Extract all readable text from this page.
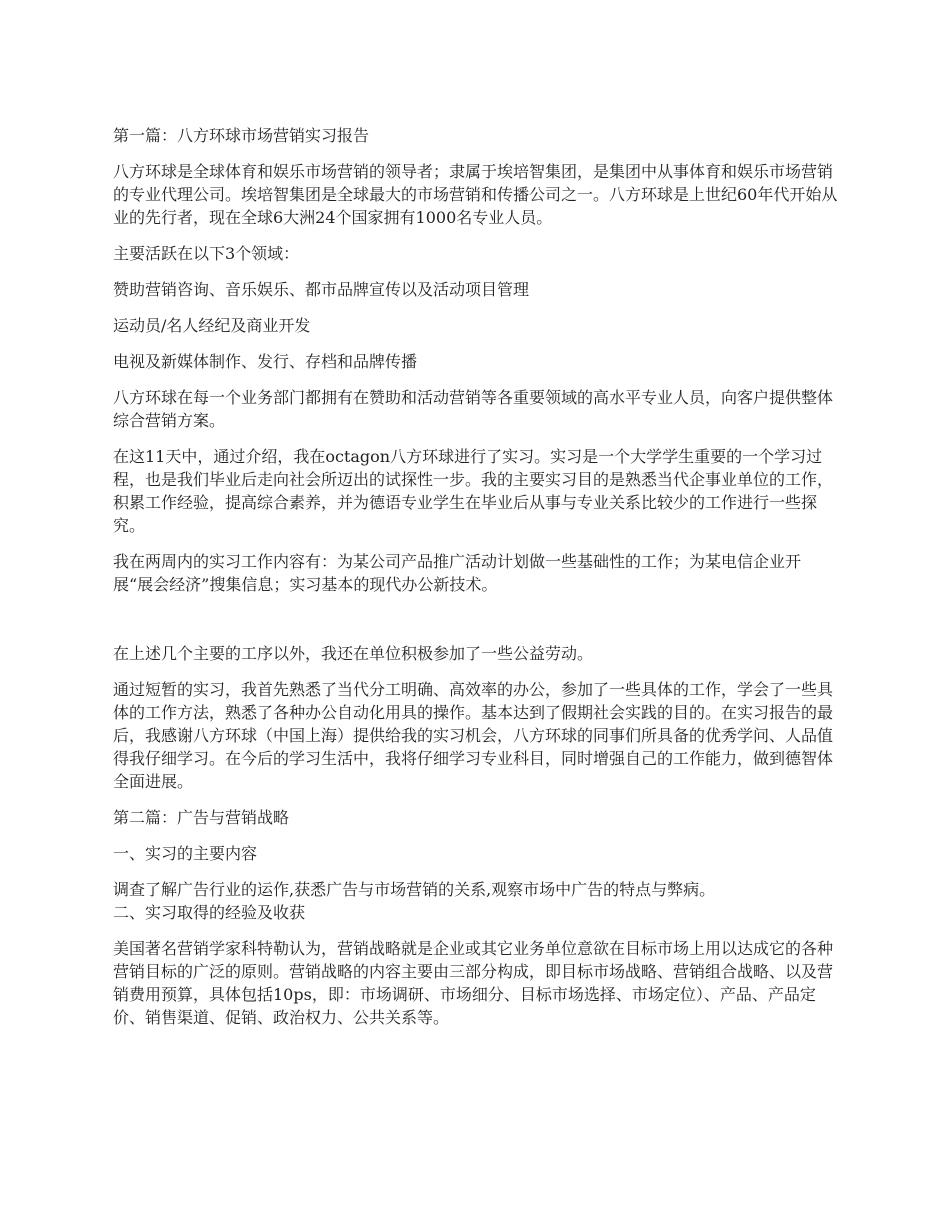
第一篇：八方环球市场营销实习报告

八方环球是全球体育和娱乐市场营销的领导者；隶属于埃培智集团，是集团中从事体育和娱乐市场营销的专业代理公司。埃培智集团是全球最大的市场营销和传播公司之一。八方环球是上世纪60年代开始从业的先行者，现在全球6大洲24个国家拥有1000名专业人员。

主要活跃在以下3个领域：

赞助营销咨询、音乐娱乐、都市品牌宣传以及活动项目管理

运动员/名人经纪及商业开发

电视及新媒体制作、发行、存档和品牌传播

八方环球在每一个业务部门都拥有在赞助和活动营销等各重要领域的高水平专业人员，向客户提供整体综合营销方案。

在这11天中，通过介绍，我在octagon八方环球进行了实习。实习是一个大学学生重要的一个学习过程，也是我们毕业后走向社会所迈出的试探性一步。我的主要实习目的是熟悉当代企事业单位的工作，积累工作经验，提高综合素养，并为德语专业学生在毕业后从事与专业关系比较少的工作进行一些探究。

我在两周内的实习工作内容有：为某公司产品推广活动计划做一些基础性的工作；为某电信企业开展“展会经济”搜集信息；实习基本的现代办公新技术。

在上述几个主要的工序以外，我还在单位积极参加了一些公益劳动。

通过短暂的实习，我首先熟悉了当代分工明确、高效率的办公，参加了一些具体的工作，学会了一些具体的工作方法，熟悉了各种办公自动化用具的操作。基本达到了假期社会实践的目的。在实习报告的最后，我感谢八方环球（中国上海）提供给我的实习机会，八方环球的同事们所具备的优秀学问、人品值得我仔细学习。在今后的学习生活中，我将仔细学习专业科目，同时增强自己的工作能力，做到德智体全面进展。

第二篇：广告与营销战略

一、实习的主要内容

调查了解广告行业的运作,获悉广告与市场营销的关系,观察市场中广告的特点与弊病。

二、实习取得的经验及收获

美国著名营销学家科特勒认为，营销战略就是企业或其它业务单位意欲在目标市场上用以达成它的各种营销目标的广泛的原则。营销战略的内容主要由三部分构成，即目标市场战略、营销组合战略、以及营销费用预算，具体包括10ps，即：市场调研、市场细分、目标市场选择、市场定位）、产品、产品定价、销售渠道、促销、政治权力、公共关系等。
